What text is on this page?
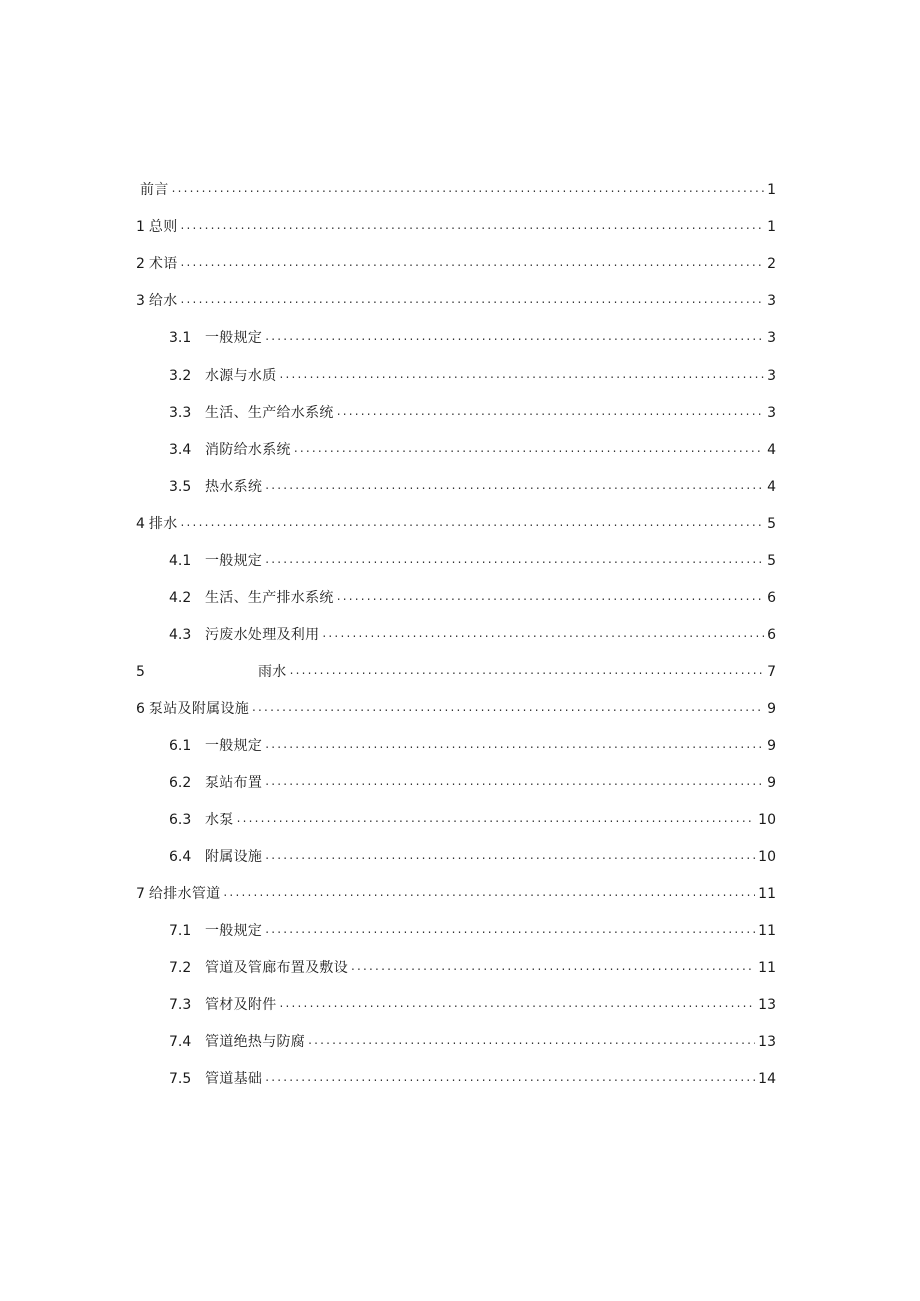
前言 .....	1
1 总则 .....	1
2 术语 .....	2
3 给水 .....	3
3.1 一般规定 .....	3
3.2 水源与水质 .....	3
3.3 生活、生产给水系统 .....	3
3.4 消防给水系统 .....	4
3.5 热水系统 .....	4
4 排水 .....	5
4.1 一般规定 .....	5
4.2 生活、生产排水系统 .....	6
4.3 污废水处理及利用 .....	6
5	雨水 .....	7
6 泵站及附属设施 .....	9
6.1 一般规定 .....	9
6.2 泵站布置 .....	9
6.3 水泵 .....	10
6.4 附属设施 .....	10
7 给排水管道 .....	11
7.1 一般规定 .....	11
7.2 管道及管廊布置及敷设 .....	11
7.3 管材及附件 .....	13
7.4 管道绝热与防腐 .....	13
7.5 管道基础 .....	14
